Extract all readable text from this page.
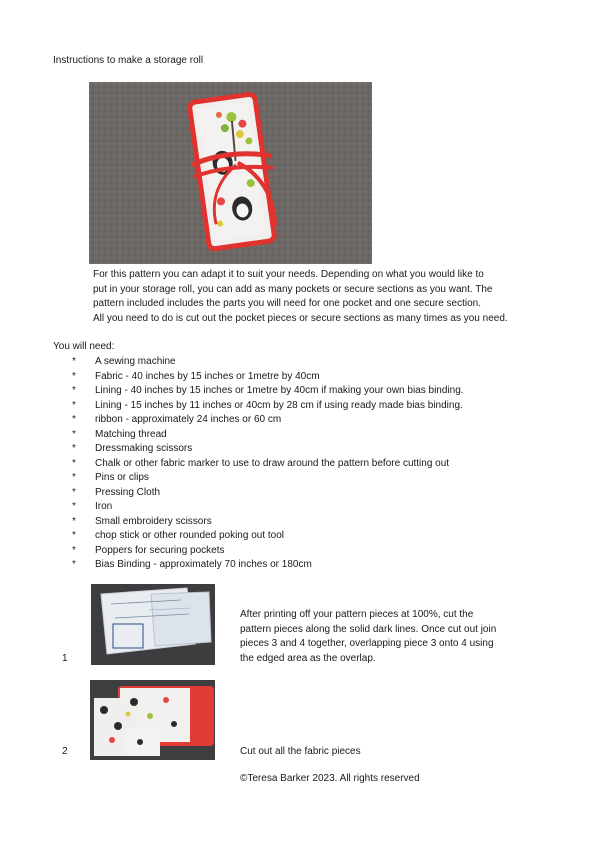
Instructions to make a storage roll

For this pattern you can adapt it to suit your needs. Depending on what you would like to

put in your storage roll, you can add as many pockets or secure sections as you want. The

pattern included includes the parts you will need for one pocket and one secure section.

All you need to do is cut out the pocket pieces or secure sections as many times as you need.

You will need:
* A sewing machine
* Fabric - 40 inches by 15 inches or 1metre by 40cm
* Lining - 40 inches by 15 inches or 1metre by 40cm if making your own bias binding.
* Lining - 15 inches by 11 inches or 40cm by 28 cm if using ready made bias binding.
* ribbon - approximately 24 inches or 60 cm
* Matching thread
* Dressmaking scissors
* Chalk or other fabric marker to use to draw around the pattern before cutting out
* Pins or clips
* Pressing Cloth
* Iron
* Small embroidery scissors
* chop stick or other rounded poking out tool
* Poppers for securing pockets
* Bias Binding - approximately 70 inches or 180cm
1

After printing off your pattern pieces at 100%, cut the

pattern pieces along the solid dark lines. Once cut out join

pieces 3 and 4 together, overlapping piece 3 onto 4 using

the edged area as the overlap.

2	Cut out all the fabric pieces

©Teresa Barker 2023. All rights reserved
